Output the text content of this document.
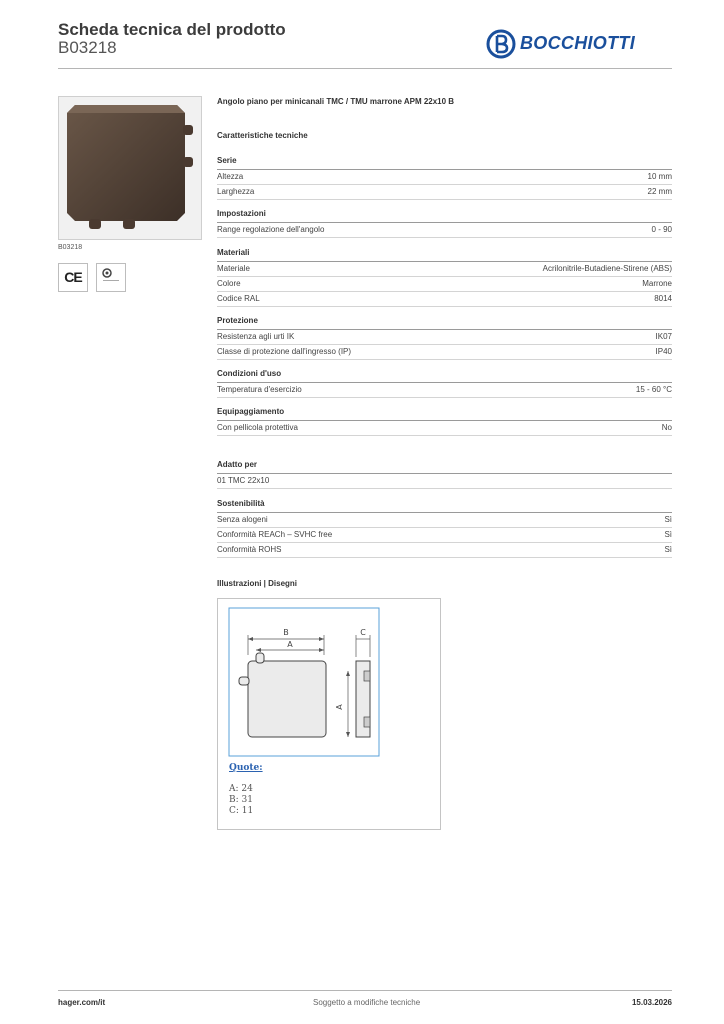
Scheda tecnica del prodotto
B03218	BOCCHIOTTI
B03218
CE
Angolo piano per minicanali TMC / TMU marrone APM 22x10 B
Caratteristiche tecniche
Serie
Altezza	10 mm
Larghezza	22 mm
Impostazioni
Range regolazione dell'angolo	0 - 90
Materiali
Materiale	Acrilonitrile-Butadiene-Stirene (ABS)
Colore	Marrone
Codice RAL	8014
Protezione
Resistenza agli urti IK	IK07
Classe di protezione dall'ingresso (IP)	IP40
Condizioni d'uso
Temperatura d'esercizio	15 - 60 °C
Equipaggiamento
Con pellicola protettiva	No
Adatto per
01 TMC 22x10
Sostenibilità
Senza alogeni	Sì
Conformità REACh – SVHC free	Sì
Conformità ROHS	Sì
Illustrazioni | Disegni
B
A
C
A
Quote:
A: 24
B: 31
C: 11
hager.com/it	Soggetto a modifiche tecniche	15.03.2026
